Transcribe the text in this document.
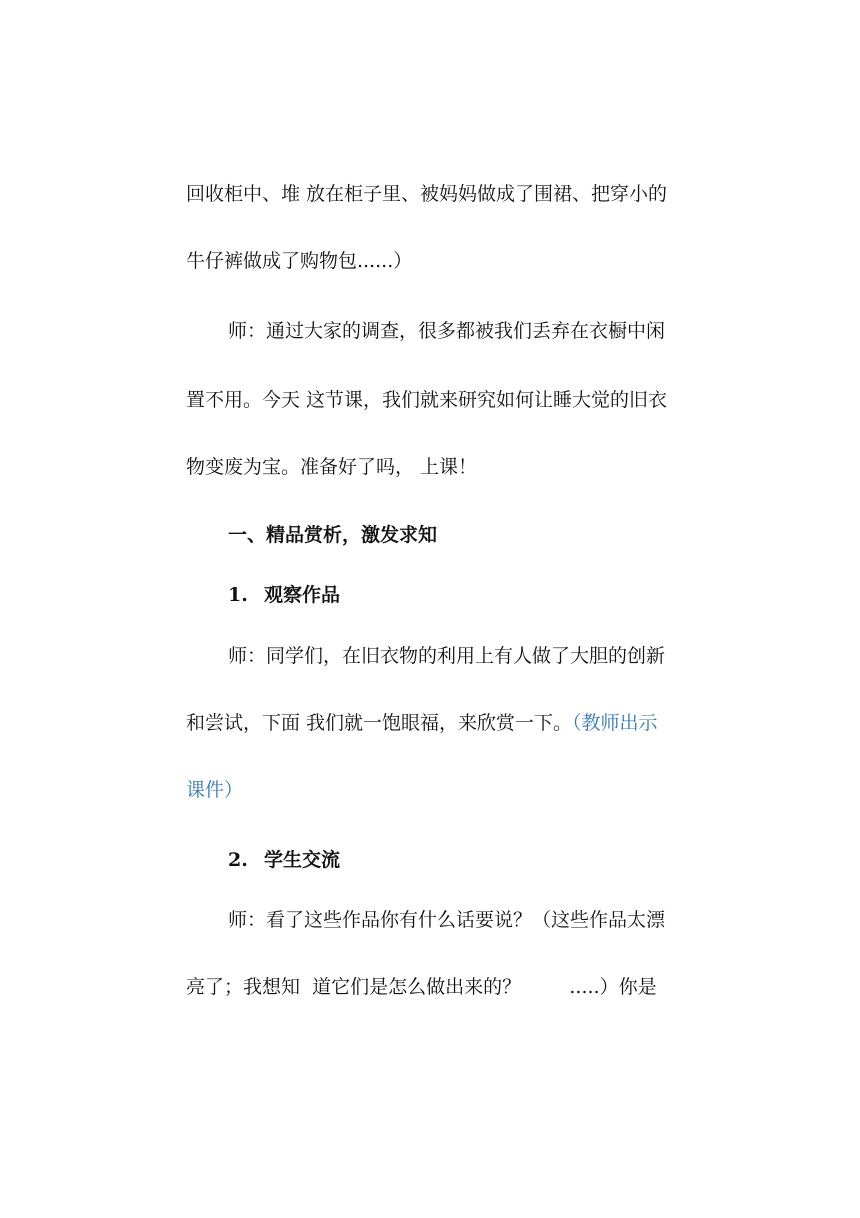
回收柜中、堆 放在柜子里、被妈妈做成了围裙、把穿小的
牛仔裤做成了购物包......）
师：通过大家的调查，很多都被我们丢弃在衣橱中闲
置不用。今天 这节课，我们就来研究如何让睡大觉的旧衣
物变废为宝。准备好了吗， 上课！
一、精品赏析，激发求知
1. 观察作品
师：同学们，在旧衣物的利用上有人做了大胆的创新
和尝试，下面 我们就一饱眼福，来欣赏一下。（教师出示
课件）
2. 学生交流
师：看了这些作品你有什么话要说？（这些作品太漂
亮了；我想知  道它们是怎么做出来的？        .....）你是
